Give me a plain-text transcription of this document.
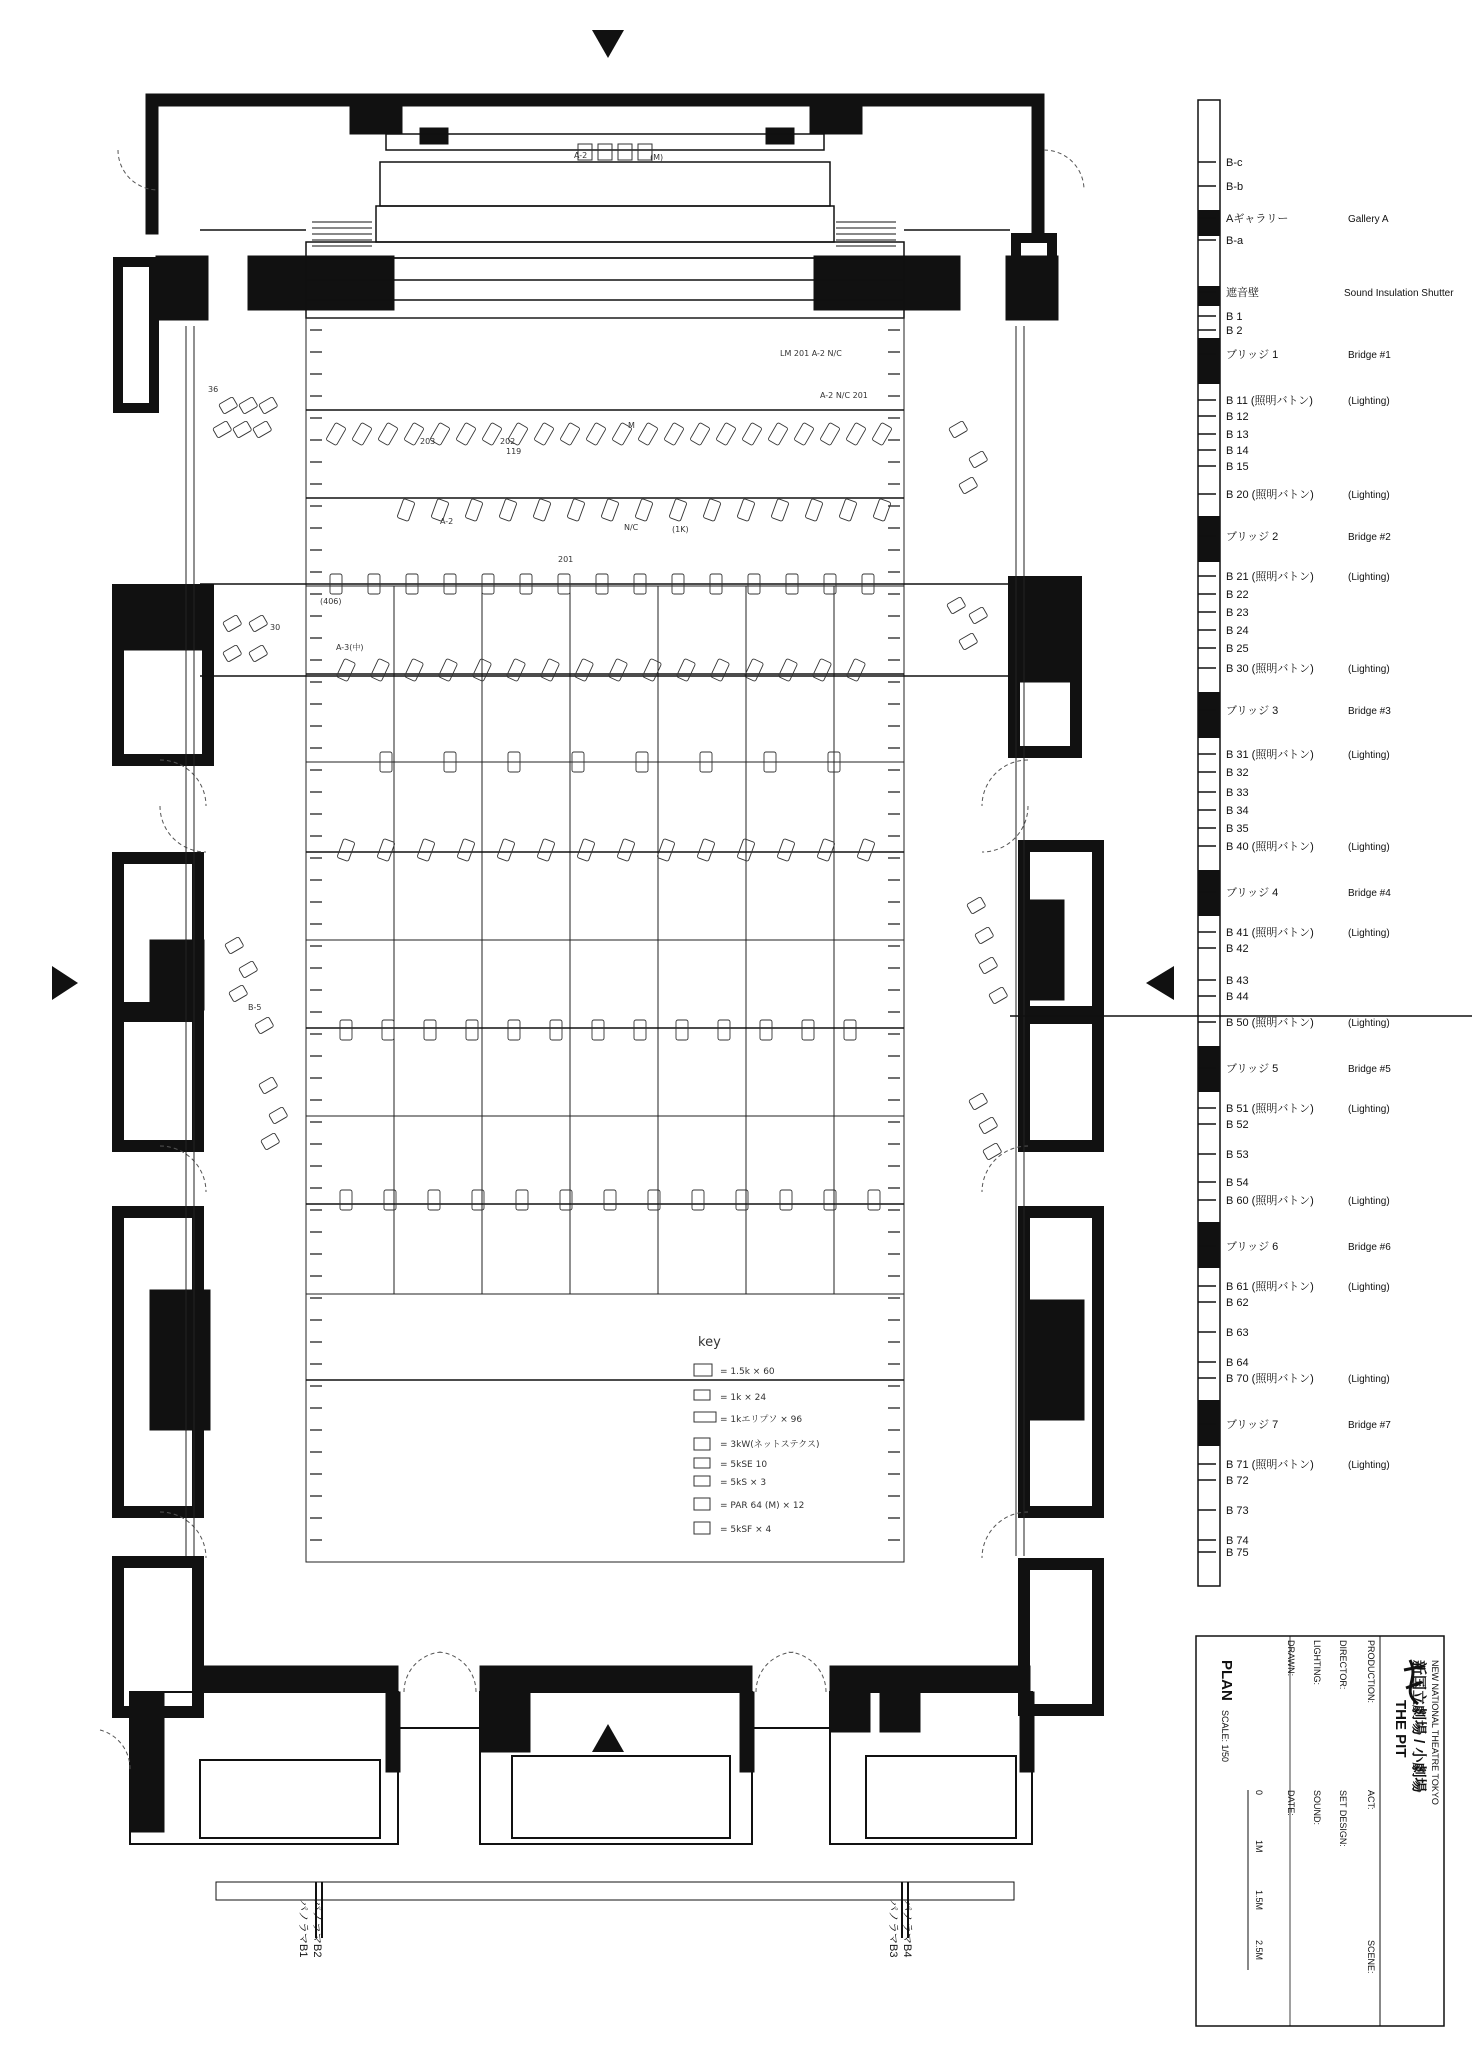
A-2	(M)
LM 201 A-2 N/C
A-2 N/C 201
203	202
119
M
A-2
N/C
(406)
(1K)
201
A-3(中)
B-5
30
36
key
= 1.5k × 60
= 1k × 24
= 1kエリプソ × 96
= 3kW(ネットステクス)
= 5kSE 10
= 5kS × 3
= PAR 64 (M) × 12
= 5kSF × 4
B-c
B-b
Aギャラリー	Gallery A
B-a
遮音壁	Sound Insulation Shutter
B 1
B 2
ブリッジ 1	Bridge #1
B 11 (照明バトン)	(Lighting)
B 12
B 13
B 14
B 15
B 20 (照明バトン)	(Lighting)
ブリッジ 2	Bridge #2
B 21 (照明バトン)	(Lighting)
B 22
B 23
B 24
B 25
B 30 (照明バトン)	(Lighting)
ブリッジ 3	Bridge #3
B 31 (照明バトン)	(Lighting)
B 32
B 33
B 34
B 35
B 40 (照明バトン)	(Lighting)
ブリッジ 4	Bridge #4
B 41 (照明バトン)	(Lighting)
B 42
B 43
B 44
B 50 (照明バトン)	(Lighting)
ブリッジ 5	Bridge #5
B 51 (照明バトン)	(Lighting)
B 52
B 53
B 54
B 60 (照明バトン)	(Lighting)
ブリッジ 6	Bridge #6
B 61 (照明バトン)	(Lighting)
B 62
B 63
B 64
B 70 (照明バトン)	(Lighting)
ブリッジ 7	Bridge #7
B 71 (照明バトン)	(Lighting)
B 72
B 73
B 74
B 75
パノラマB1 パノラマB2	パノラマB3 パノラマB4
NEW NATIONAL THEATRE TOKYO
新国立劇場 / 小劇場
THE PIT
PRODUCTION:
ACT:
SCENE:
DIRECTOR:
SET DESIGN:
LIGHTING:
SOUND:
DRAWN:
DATE:
PLAN
SCALE: 1/50
0
1M
1.5M
2.5M
